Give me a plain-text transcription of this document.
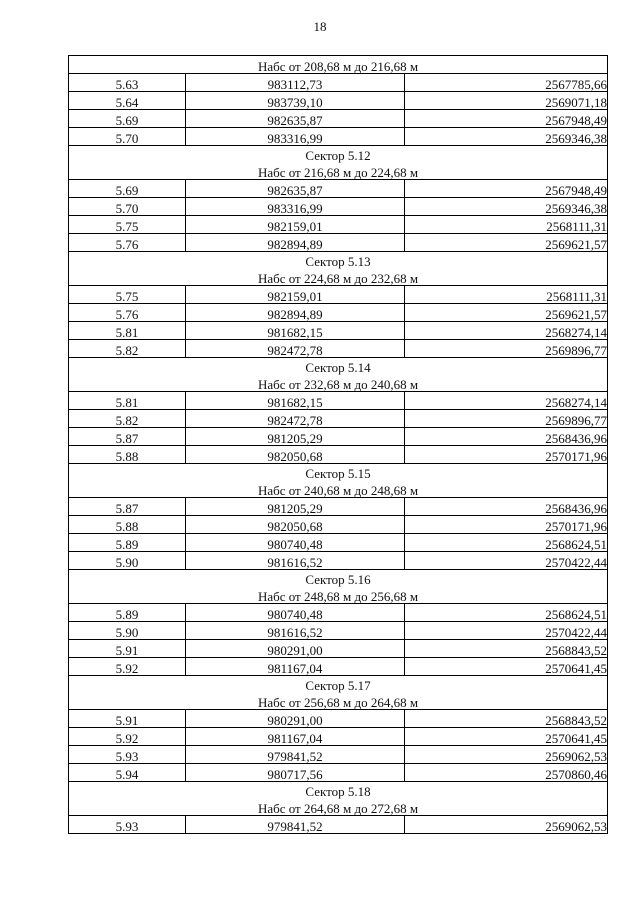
18
Набс от 208,68 м до 216,68 м		
5.63	983112,73	2567785,66
5.64	983739,10	2569071,18
5.69	982635,87	2567948,49
5.70	983316,99	2569346,38
Сектор 5.12		
Набс от 216,68 м до 224,68 м		
5.69	982635,87	2567948,49
5.70	983316,99	2569346,38
5.75	982159,01	2568111,31
5.76	982894,89	2569621,57
Сектор 5.13		
Набс от 224,68 м до 232,68 м		
5.75	982159,01	2568111,31
5.76	982894,89	2569621,57
5.81	981682,15	2568274,14
5.82	982472,78	2569896,77
Сектор 5.14		
Набс от 232,68 м до 240,68 м		
5.81	981682,15	2568274,14
5.82	982472,78	2569896,77
5.87	981205,29	2568436,96
5.88	982050,68	2570171,96
Сектор 5.15		
Набс от 240,68 м до 248,68 м		
5.87	981205,29	2568436,96
5.88	982050,68	2570171,96
5.89	980740,48	2568624,51
5.90	981616,52	2570422,44
Сектор 5.16		
Набс от 248,68 м до 256,68 м		
5.89	980740,48	2568624,51
5.90	981616,52	2570422,44
5.91	980291,00	2568843,52
5.92	981167,04	2570641,45
Сектор 5.17		
Набс от 256,68 м до 264,68 м		
5.91	980291,00	2568843,52
5.92	981167,04	2570641,45
5.93	979841,52	2569062,53
5.94	980717,56	2570860,46
Сектор 5.18		
Набс от 264,68 м до 272,68 м		
5.93	979841,52	2569062,53
